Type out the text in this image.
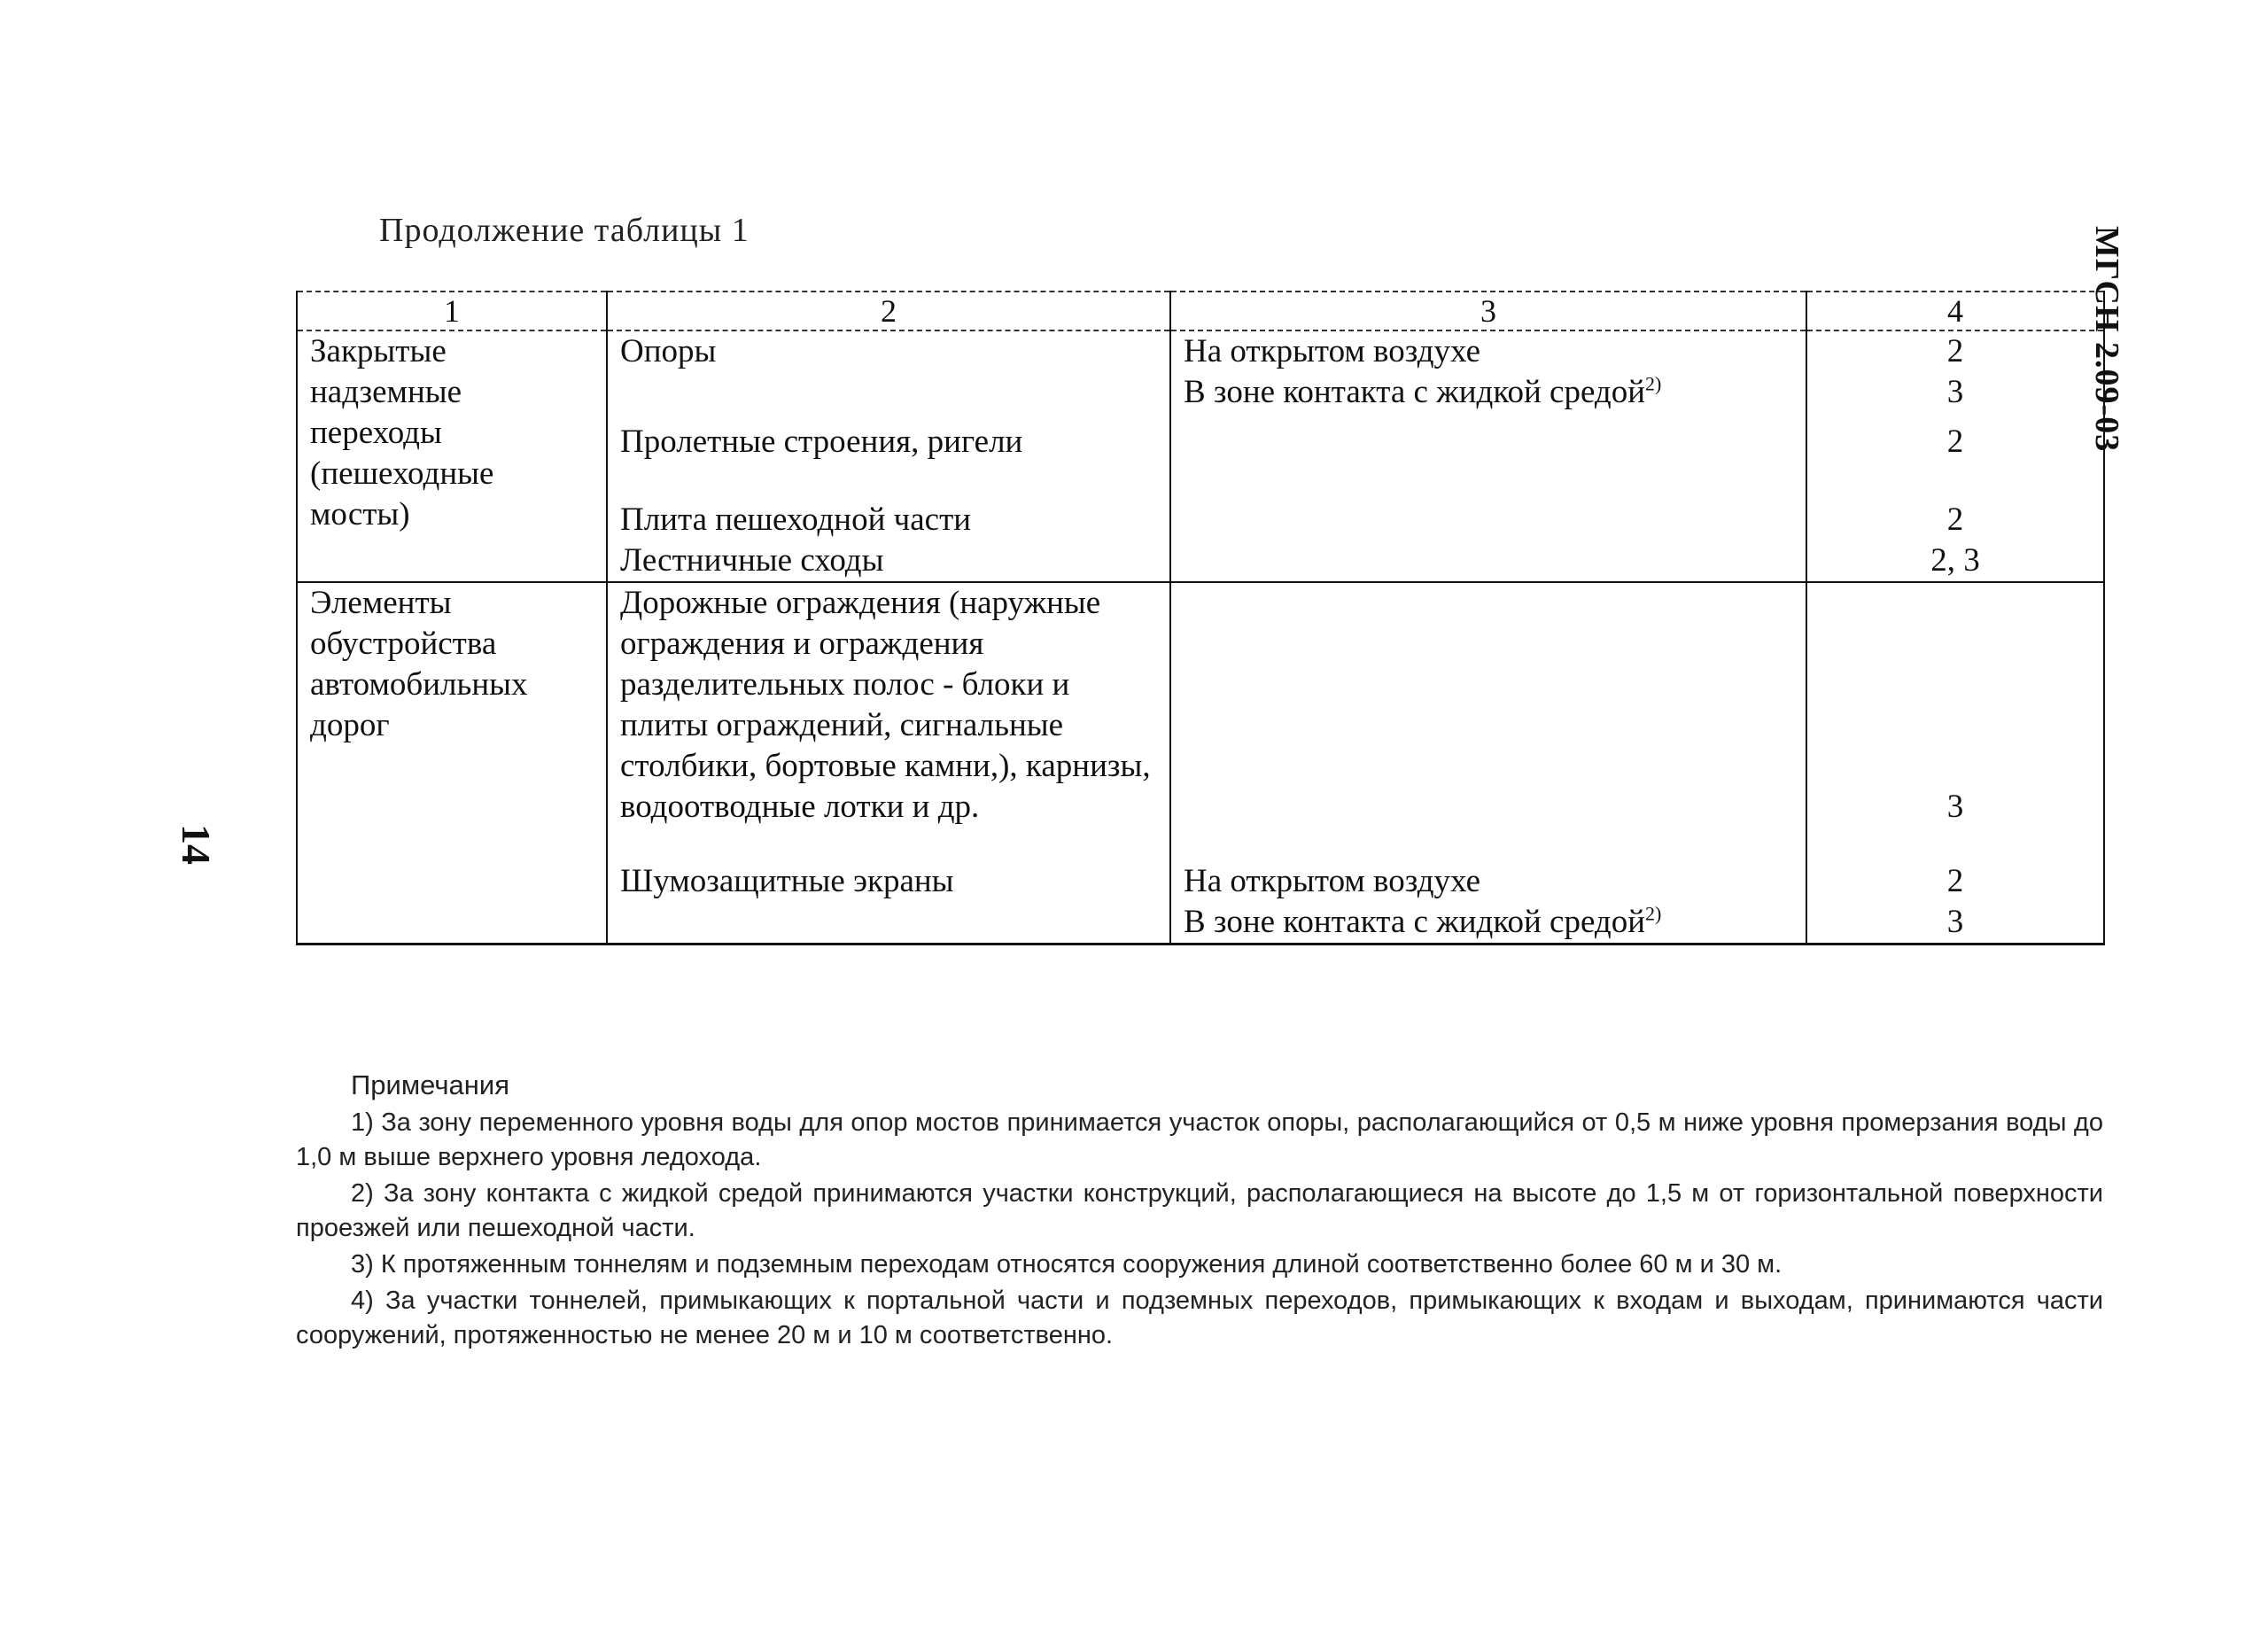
Продолжение таблицы 1	МГСН 2.09-03
14
1	2	3	4
Закрытые надземные переходы (пешеходные мосты)	Опоры	На открытом воздухе	2
		В зоне контакта с жидкой средой$^{2)}$	3
	Пролетные строения, ригели		2

	Плита пешеходной части		2
	Лестничные сходы		2, 3
Элементы обустройства автомобильных дорог	Дорожные ограждения (наружные ограждения и ограждения разделительных полос - блоки и плиты ограждений, сигнальные столбики, бортовые камни,), карнизы, водоотводные лотки и др.		3
	Шумозащитные экраны	На открытом воздухе	2
		В зоне контакта с жидкой средой$^{2)}$	3
Примечания

1) За зону переменного уровня воды для опор мостов принимается участок опоры, располагающийся от 0,5 м ниже уровня промерзания воды до 1,0 м выше верхнего уровня ледохода.

2) За зону контакта с жидкой средой принимаются участки конструкций, располагающиеся на высоте до 1,5 м от горизонтальной поверхности проезжей или пешеходной части.

3) К протяженным тоннелям и подземным переходам относятся сооружения длиной соответственно более 60 м и 30 м.

4) За участки тоннелей, примыкающих к портальной части и подземных переходов, примыкающих к входам и выходам, принимаются части сооружений, протяженностью не менее 20 м и 10 м соответственно.
